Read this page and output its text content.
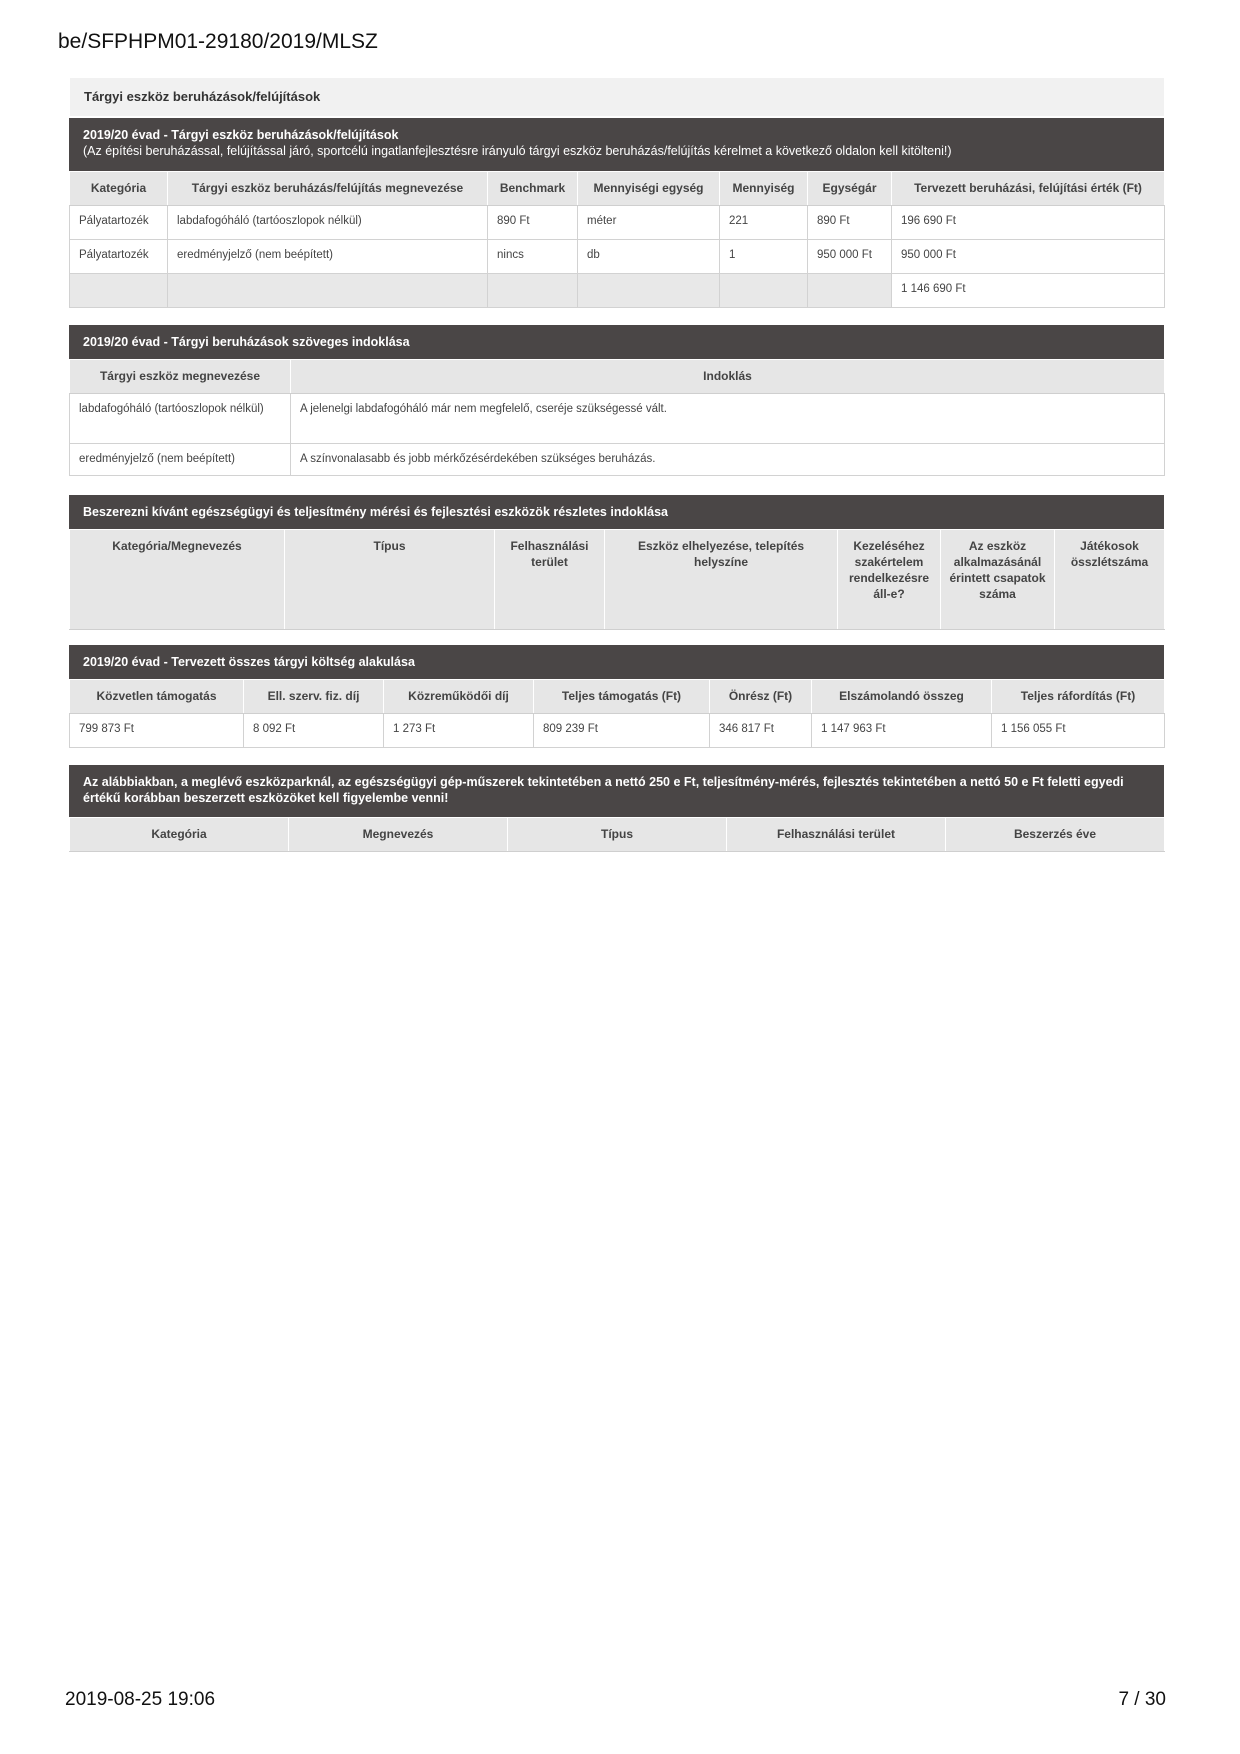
be/SFPHPM01-29180/2019/MLSZ
Tárgyi eszköz beruházások/felújítások
2019/20 évad - Tárgyi eszköz beruházások/felújítások
(Az építési beruházással, felújítással járó, sportcélú ingatlanfejlesztésre irányuló tárgyi eszköz beruházás/felújítás kérelmet a következő oldalon kell kitölteni!)
Kategória	Tárgyi eszköz beruházás/felújítás megnevezése	Benchmark	Mennyiségi egység	Mennyiség	Egységár	Tervezett beruházási, felújítási érték (Ft)
Pályatartozék	labdafogóháló (tartóoszlopok nélkül)	890 Ft	méter	221	890 Ft	196 690 Ft
Pályatartozék	eredményjelző (nem beépített)	nincs	db	1	950 000 Ft	950 000 Ft
						1 146 690 Ft
2019/20 évad - Tárgyi beruházások szöveges indoklása
Tárgyi eszköz megnevezése	Indoklás
labdafogóháló (tartóoszlopok nélkül)	A jelenelgi labdafogóháló már nem megfelelő, cseréje szükségessé vált.
eredményjelző (nem beépített)	A színvonalasabb és jobb mérkőzésérdekében szükséges beruházás.
Beszerezni kívánt egészségügyi és teljesítmény mérési és fejlesztési eszközök részletes indoklása
Kategória/Megnevezés	Típus	Felhasználási terület	Eszköz elhelyezése, telepítés helyszíne	Kezeléséhez szakértelem rendelkezésre áll-e?	Az eszköz alkalmazásánál érintett csapatok száma	Játékosok összlétszáma
2019/20 évad - Tervezett összes tárgyi költség alakulása
Közvetlen támogatás	Ell. szerv. fiz. díj	Közreműködői díj	Teljes támogatás (Ft)	Önrész (Ft)	Elszámolandó összeg	Teljes ráfordítás (Ft)
799 873 Ft	8 092 Ft	1 273 Ft	809 239 Ft	346 817 Ft	1 147 963 Ft	1 156 055 Ft
Az alábbiakban, a meglévő eszközparknál, az egészségügyi gép-műszerek tekintetében a nettó 250 e Ft, teljesítmény-mérés, fejlesztés tekintetében a nettó 50 e Ft feletti egyedi értékű korábban beszerzett eszközöket kell figyelembe venni!
Kategória	Megnevezés	Típus	Felhasználási terület	Beszerzés éve
2019-08-25 19:06	7 / 30
